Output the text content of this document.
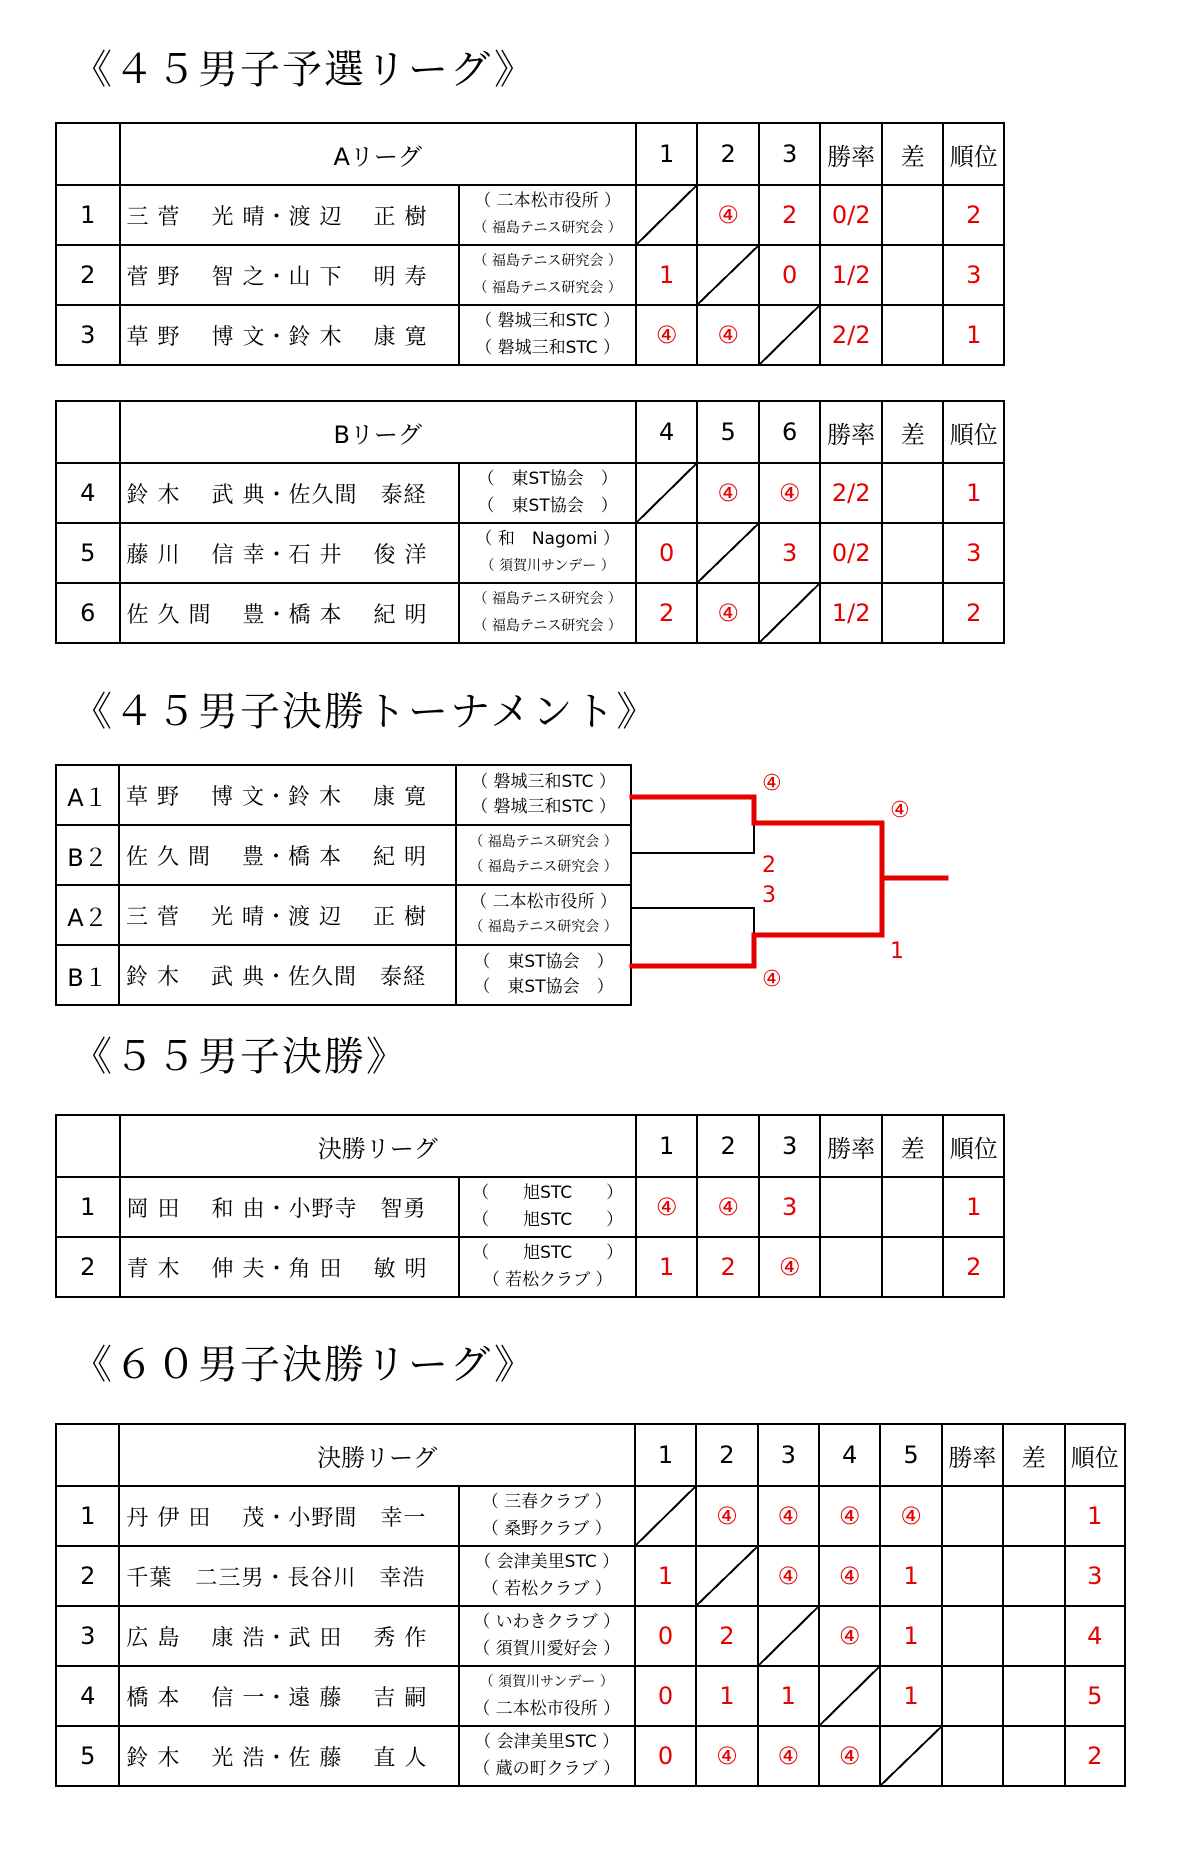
《４５男子予選リーグ》
《４５男子決勝トーナメント》
《５５男子決勝》
《６０男子決勝リーグ》
	Aリーグ		1	2	3	勝率	差	順位
1	三 菅　 光 晴・渡 辺　 正 樹	（ 二本松市役所 ）
（ 福島テニス研究会 ）		④	2	0/2		2
2	菅 野　 智 之・山 下　 明 寿	（ 福島テニス研究会 ）
（ 福島テニス研究会 ）	1		0	1/2		3
3	草 野　 博 文・鈴 木　 康 寛	（ 磐城三和STC ）
（ 磐城三和STC ）	④	④		2/2		1
	Bリーグ		4	5	6	勝率	差	順位
4	鈴 木　 武 典・佐久間　泰経	（　東ST協会　）
（　東ST協会　）		④	④	2/2		1
5	藤 川　 信 幸・石 井　 俊 洋	（ 和　Nagomi ）
（ 須賀川サンデー ）	0		3	0/2		3
6	佐 久 間　 豊・橋 本　 紀 明	（ 福島テニス研究会 ）
（ 福島テニス研究会 ）	2	④		1/2		2
A１	草 野　 博 文・鈴 木　 康 寛	（ 磐城三和STC ）
（ 磐城三和STC ）

B２	佐 久 間　 豊・橋 本　 紀 明	（ 福島テニス研究会 ）
（ 福島テニス研究会 ）

A２	三 菅　 光 晴・渡 辺　 正 樹	（ 二本松市役所 ）
（ 福島テニス研究会 ）

B１	鈴 木　 武 典・佐久間　泰経	（　東ST協会　）
（　東ST協会　）
④
2
3
④
④
1
	決勝リーグ		1	2	3	勝率	差	順位
1	岡 田　 和 由・小野寺　智勇	（　　旭STC　　）
（　　旭STC　　）	④	④	3			1
2	青 木　 伸 夫・角 田　 敏 明	（　　旭STC　　）
（ 若松クラブ ）	1	2	④			2
	決勝リーグ		1	2	3	4	5	勝率	差	順位
1	丹 伊 田　 茂・小野間　幸一	（ 三春クラブ ）
（ 桑野クラブ ）		④	④	④	④			1
2	千葉　二三男・長谷川　幸浩	（ 会津美里STC ）
（ 若松クラブ ）	1		④	④	1			3
3	広 島　 康 浩・武 田　 秀 作	（ いわきクラブ ）
（ 須賀川愛好会 ）	0	2		④	1			4
4	橋 本　 信 一・遠 藤　 吉 嗣	（ 須賀川サンデー ）
（ 二本松市役所 ）	0	1	1		1			5
5	鈴 木　 光 浩・佐 藤　 直 人	（ 会津美里STC ）
（ 蔵の町クラブ ）	0	④	④	④				2
